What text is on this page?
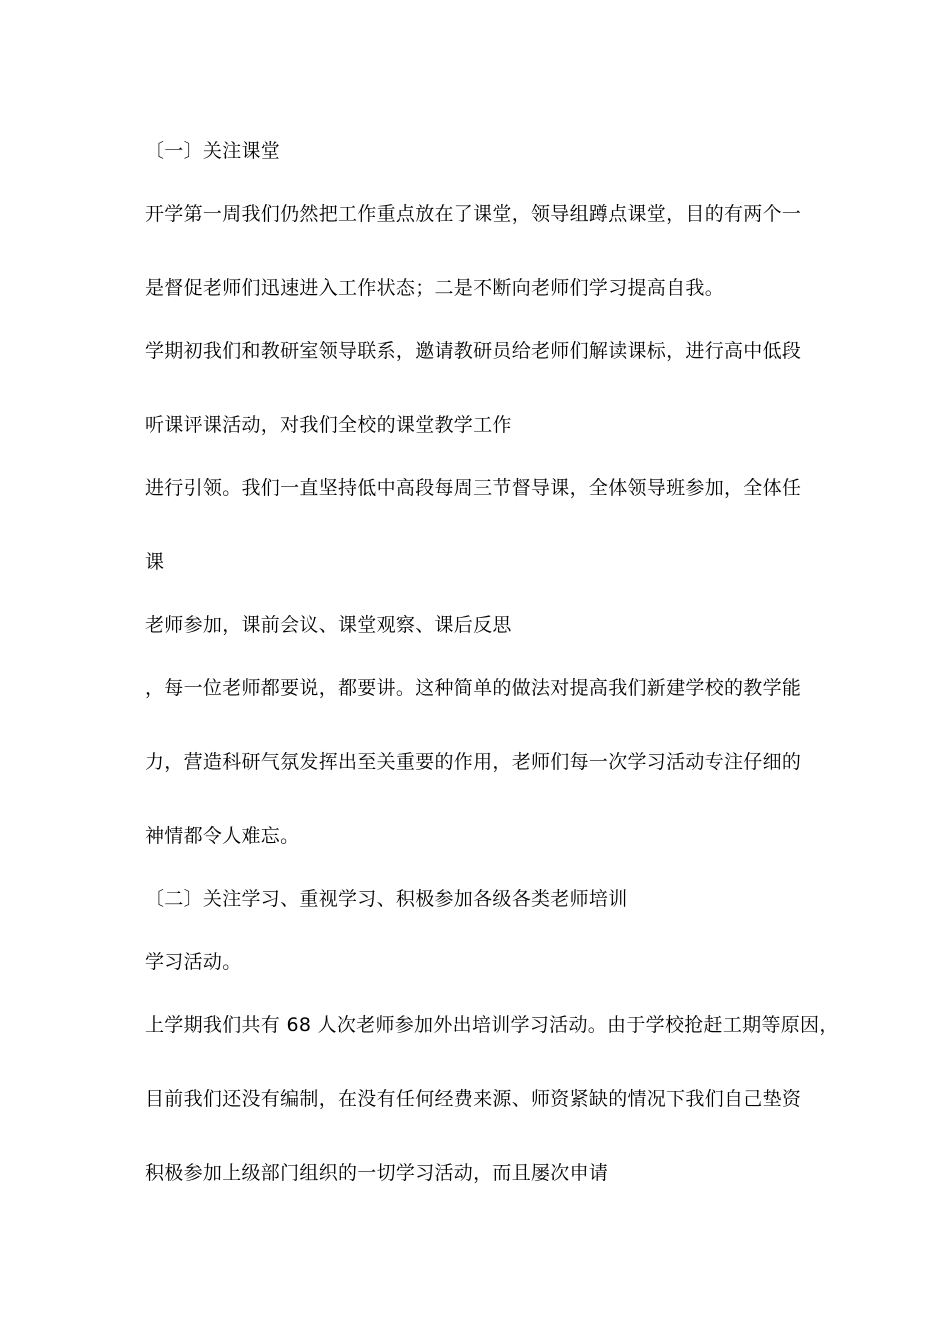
〔一〕关注课堂

开学第一周我们仍然把工作重点放在了课堂，领导组蹲点课堂，目的有两个一

是督促老师们迅速进入工作状态；二是不断向老师们学习提高自我。

学期初我们和教研室领导联系，邀请教研员给老师们解读课标，进行高中低段

听课评课活动，对我们全校的课堂教学工作

进行引领。我们一直坚持低中高段每周三节督导课，全体领导班参加，全体任

课

老师参加，课前会议、课堂观察、课后反思

，每一位老师都要说，都要讲。这种简单的做法对提高我们新建学校的教学能

力，营造科研气氛发挥出至关重要的作用，老师们每一次学习活动专注仔细的

神情都令人难忘。

〔二〕关注学习、重视学习、积极参加各级各类老师培训

学习活动。

上学期我们共有 68 人次老师参加外出培训学习活动。由于学校抢赶工期等原因，

目前我们还没有编制，在没有任何经费来源、师资紧缺的情况下我们自己垫资

积极参加上级部门组织的一切学习活动，而且屡次申请
